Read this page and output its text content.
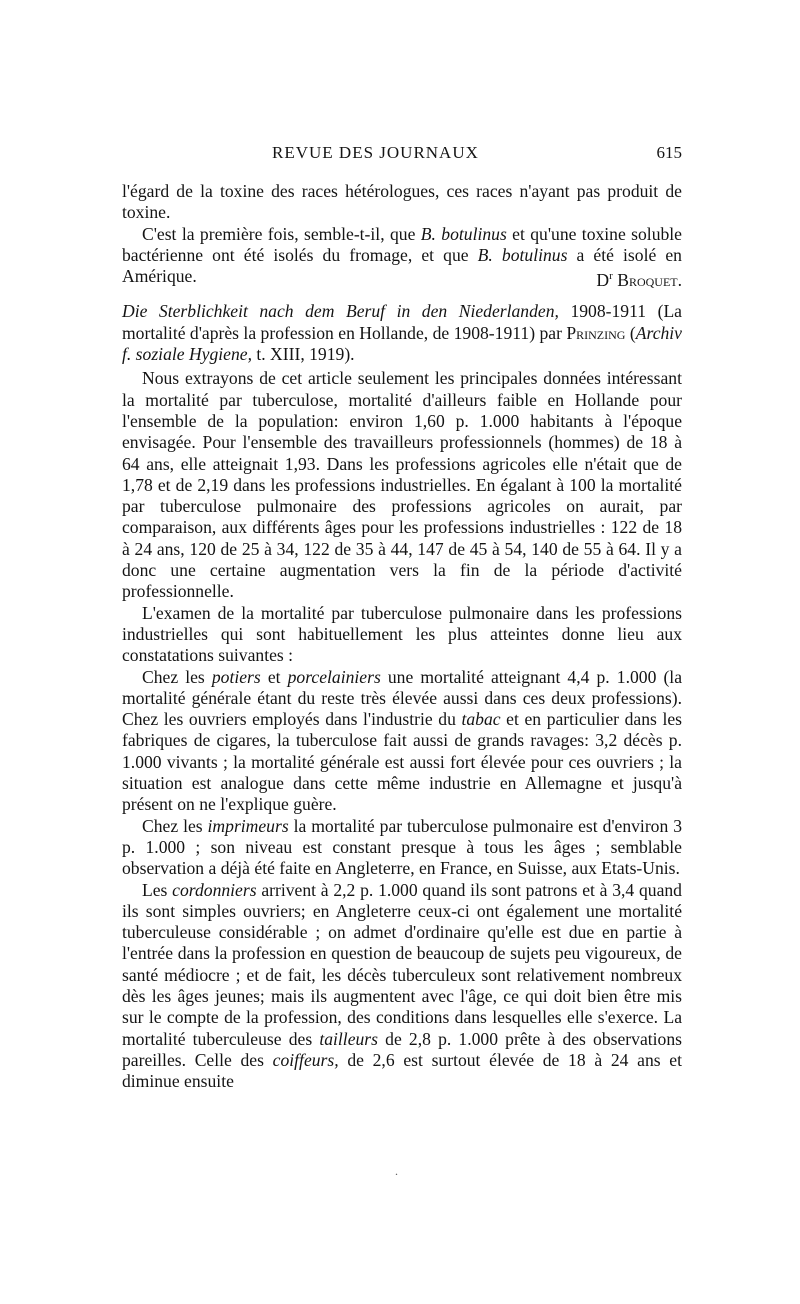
REVUE DES JOURNAUX	615

l'égard de la toxine des races hétérologues, ces races n'ayant pas produit de toxine.

C'est la première fois, semble-t-il, que B. botulinus et qu'une toxine soluble bactérienne ont été isolés du fromage, et que B. botulinus a été isolé en Amérique.	$D^r$ Broquet.

Die Sterblichkeit nach dem Beruf in den Niederlanden, 1908-1911 (La mortalité d'après la profession en Hollande, de 1908-1911) par Prinzing (Archiv f. soziale Hygiene, t. XIII, 1919).

Nous extrayons de cet article seulement les principales données intéressant la mortalité par tuberculose, mortalité d'ailleurs faible en Hollande pour l'ensemble de la population: environ 1,60 p. 1.000 habitants à l'époque envisagée. Pour l'ensemble des travailleurs professionnels (hommes) de 18 à 64 ans, elle atteignait 1,93. Dans les professions agricoles elle n'était que de 1,78 et de 2,19 dans les professions industrielles. En égalant à 100 la mortalité par tuberculose pulmonaire des professions agricoles on aurait, par comparaison, aux différents âges pour les professions industrielles : 122 de 18 à 24 ans, 120 de 25 à 34, 122 de 35 à 44, 147 de 45 à 54, 140 de 55 à 64. Il y a donc une certaine augmentation vers la fin de la période d'activité professionnelle.

L'examen de la mortalité par tuberculose pulmonaire dans les professions industrielles qui sont habituellement les plus atteintes donne lieu aux constatations suivantes :

Chez les potiers et porcelainiers une mortalité atteignant 4,4 p. 1.000 (la mortalité générale étant du reste très élevée aussi dans ces deux professions). Chez les ouvriers employés dans l'industrie du tabac et en particulier dans les fabriques de cigares, la tuberculose fait aussi de grands ravages: 3,2 décès p. 1.000 vivants ; la mortalité générale est aussi fort élevée pour ces ouvriers ; la situation est analogue dans cette même industrie en Allemagne et jusqu'à présent on ne l'explique guère.

Chez les imprimeurs la mortalité par tuberculose pulmonaire est d'environ 3 p. 1.000 ; son niveau est constant presque à tous les âges ; semblable observation a déjà été faite en Angleterre, en France, en Suisse, aux Etats-Unis.

Les cordonniers arrivent à 2,2 p. 1.000 quand ils sont patrons et à 3,4 quand ils sont simples ouvriers; en Angleterre ceux-ci ont également une mortalité tuberculeuse considérable ; on admet d'ordinaire qu'elle est due en partie à l'entrée dans la profession en question de beaucoup de sujets peu vigoureux, de santé médiocre ; et de fait, les décès tuberculeux sont relativement nombreux dès les âges jeunes; mais ils augmentent avec l'âge, ce qui doit bien être mis sur le compte de la profession, des conditions dans lesquelles elle s'exerce. La mortalité tuberculeuse des tailleurs de 2,8 p. 1.000 prête à des observations pareilles. Celle des coiffeurs, de 2,6 est surtout élevée de 18 à 24 ans et diminue ensuite

.
